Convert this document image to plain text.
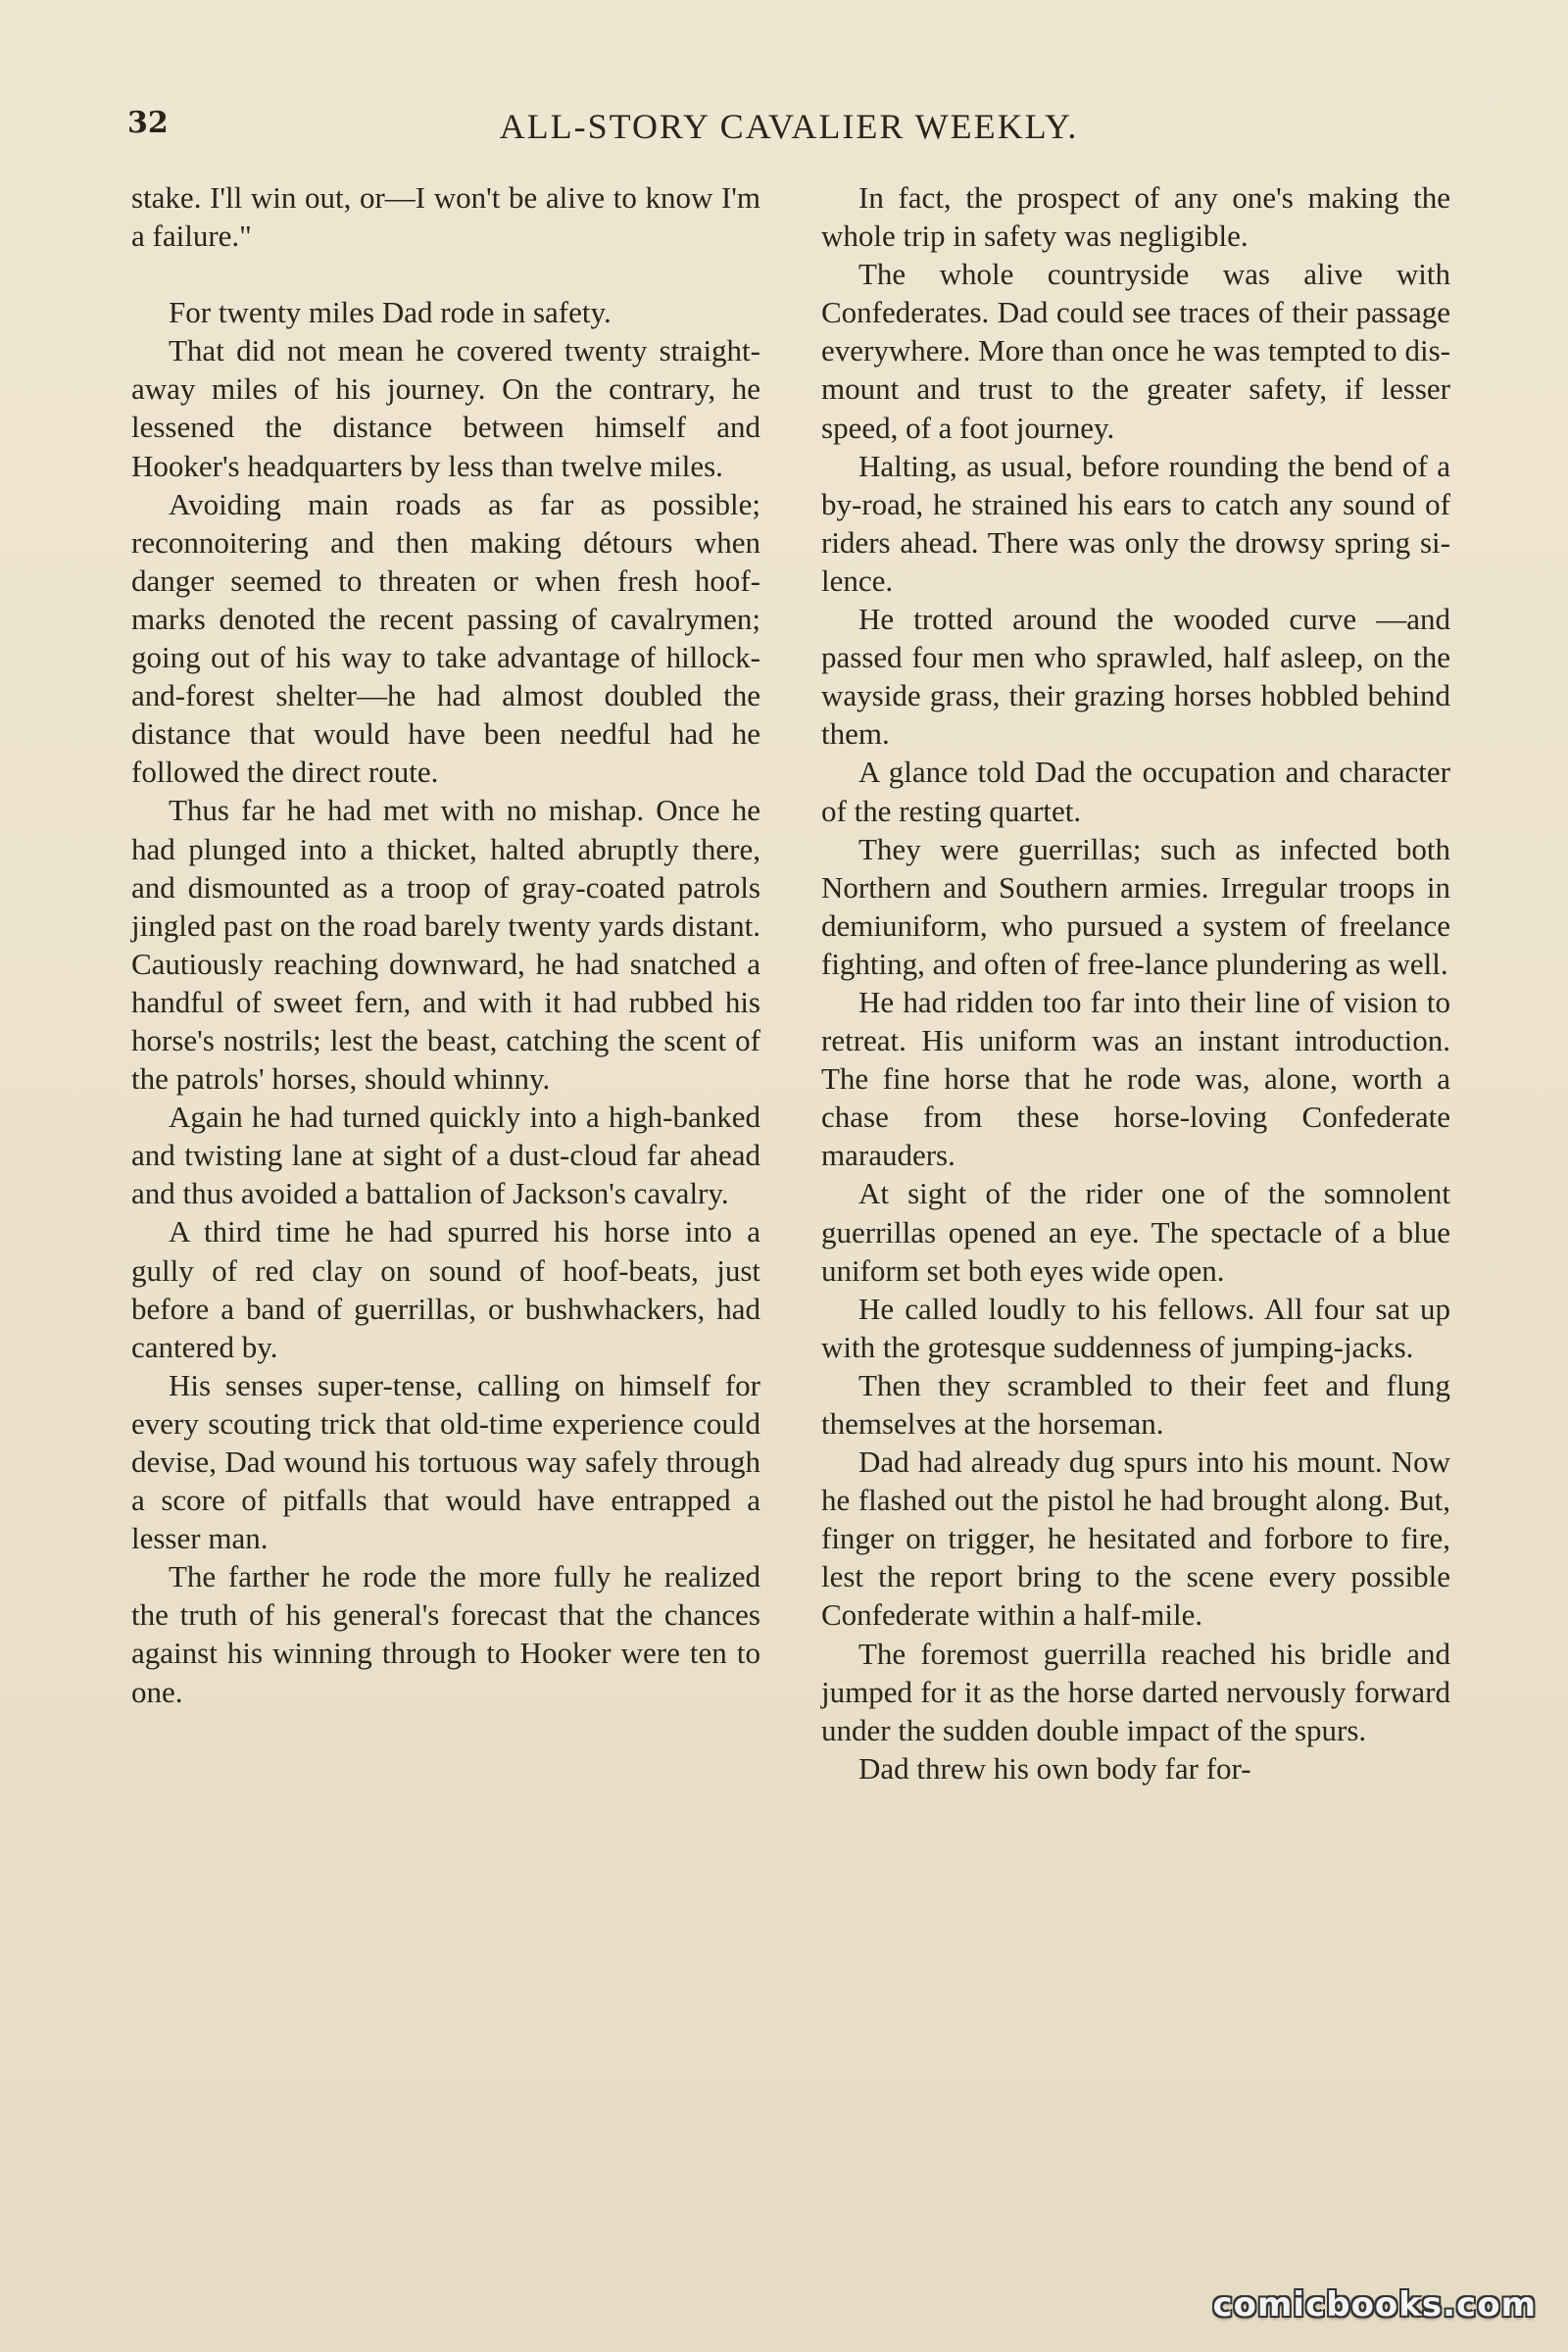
32	ALL-STORY CAVALIER WEEKLY.

stake. I'll win out, or—I won't be alive to know I'm a failure."

For twenty miles Dad rode in safety.

That did not mean he covered twenty straight-away miles of his journey. On the contrary, he lessened the distance between himself and Hooker's headquarters by less than twelve miles.

Avoiding main roads as far as possible; reconnoitering and then making détours when danger seemed to threaten or when fresh hoof-marks denoted the recent passing of cavalrymen; going out of his way to take advantage of hillock-and-forest shelter—he had almost doubled the distance that would have been needful had he followed the direct route.

Thus far he had met with no mishap. Once he had plunged into a thicket, halted abruptly there, and dismounted as a troop of gray-coated patrols jingled past on the road barely twenty yards distant. Cautiously reaching downward, he had snatched a handful of sweet fern, and with it had rubbed his horse's nostrils; lest the beast, catching the scent of the patrols' horses, should whinny.

Again he had turned quickly into a high-banked and twisting lane at sight of a dust-cloud far ahead and thus avoided a battalion of Jackson's cavalry.

A third time he had spurred his horse into a gully of red clay on sound of hoof-beats, just before a band of guerrillas, or bushwhackers, had cantered by.

His senses super-tense, calling on himself for every scouting trick that old-time experience could devise, Dad wound his tortuous way safely through a score of pitfalls that would have entrapped a lesser man.

The farther he rode the more fully he realized the truth of his general's forecast that the chances against his winning through to Hooker were ten to one.

In fact, the prospect of any one's making the whole trip in safety was negligible.

The whole countryside was alive with Confederates. Dad could see traces of their passage everywhere. More than once he was tempted to dismount and trust to the greater safety, if lesser speed, of a foot journey.

Halting, as usual, before rounding the bend of a by-road, he strained his ears to catch any sound of riders ahead. There was only the drowsy spring silence.

He trotted around the wooded curve —and passed four men who sprawled, half asleep, on the wayside grass, their grazing horses hobbled behind them.

A glance told Dad the occupation and character of the resting quartet.

They were guerrillas; such as infected both Northern and Southern armies. Irregular troops in demiuniform, who pursued a system of freelance fighting, and often of free-lance plundering as well.

He had ridden too far into their line of vision to retreat. His uniform was an instant introduction. The fine horse that he rode was, alone, worth a chase from these horse-loving Confederate marauders.

At sight of the rider one of the somnolent guerrillas opened an eye. The spectacle of a blue uniform set both eyes wide open.

He called loudly to his fellows. All four sat up with the grotesque suddenness of jumping-jacks.

Then they scrambled to their feet and flung themselves at the horseman.

Dad had already dug spurs into his mount. Now he flashed out the pistol he had brought along. But, finger on trigger, he hesitated and forbore to fire, lest the report bring to the scene every possible Confederate within a half-mile.

The foremost guerrilla reached his bridle and jumped for it as the horse darted nervously forward under the sudden double impact of the spurs.

Dad threw his own body far for-

comicbooks.com
